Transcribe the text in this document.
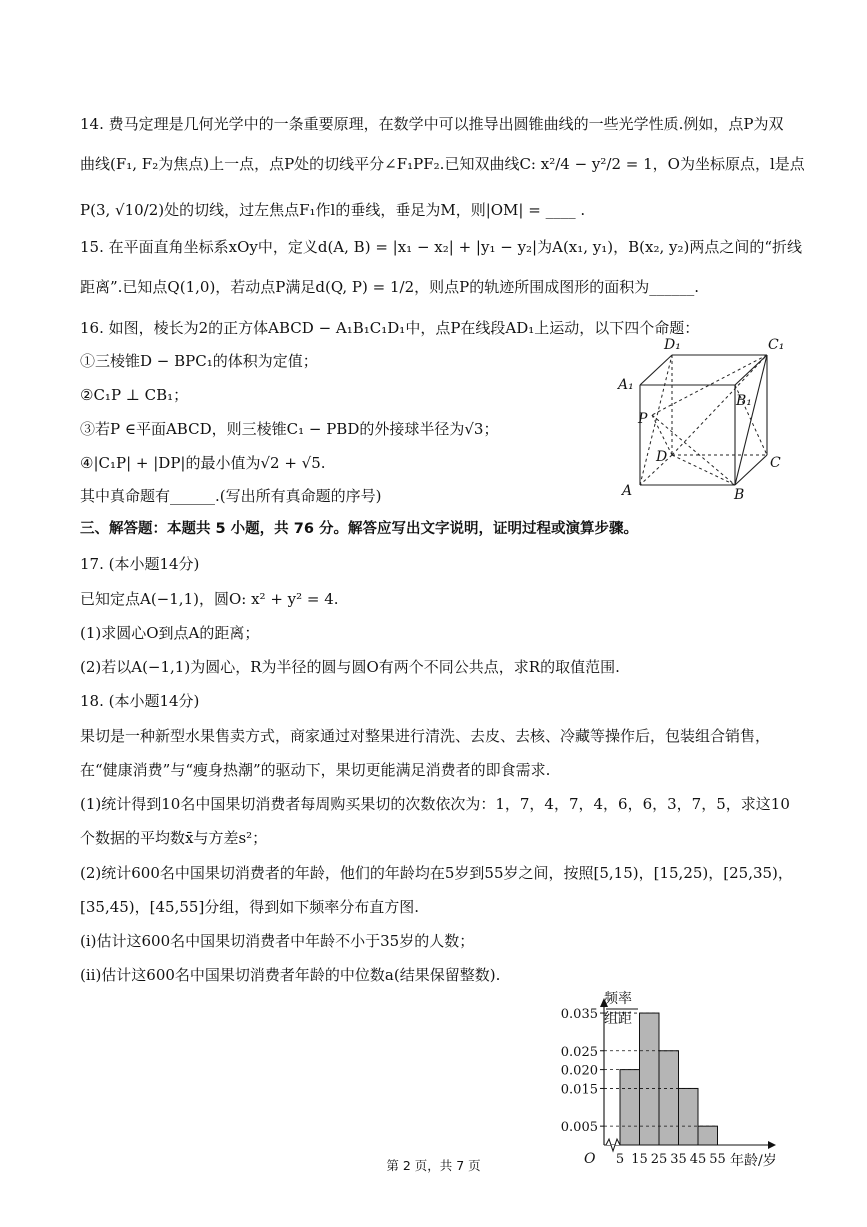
14. 费马定理是几何光学中的一条重要原理，在数学中可以推导出圆锥曲线的一些光学性质.例如，点P为双
曲线(F₁, F₂为焦点)上一点，点P处的切线平分∠F₁PF₂.已知双曲线C: x²/4 − y²/2 = 1，O为坐标原点，l是点
P(3, √10/2)处的切线，过左焦点F₁作l的垂线，垂足为M，则|OM| = ____ .
15. 在平面直角坐标系xOy中，定义d(A, B) = |x₁ − x₂| + |y₁ − y₂|为A(x₁, y₁)，B(x₂, y₂)两点之间的“折线
距离”.已知点Q(1,0)，若动点P满足d(Q, P) = 1/2，则点P的轨迹所围成图形的面积为______.
16. 如图，棱长为2的正方体ABCD − A₁B₁C₁D₁中，点P在线段AD₁上运动，以下四个命题：
①三棱锥D − BPC₁的体积为定值；
②C₁P ⊥ CB₁；
③若P ∈平面ABCD，则三棱锥C₁ − PBD的外接球半径为√3；
④|C₁P| + |DP|的最小值为√2 + √5.
其中真命题有______.(写出所有真命题的序号)
D₁	C₁
A₁
B₁
P
D	C
A	B
三、解答题：本题共 5 小题，共 76 分。解答应写出文字说明，证明过程或演算步骤。
17. (本小题14分)
已知定点A(−1,1)，圆O: x² + y² = 4.
(1)求圆心O到点A的距离；
(2)若以A(−1,1)为圆心，R为半径的圆与圆O有两个不同公共点，求R的取值范围.
18. (本小题14分)
果切是一种新型水果售卖方式，商家通过对整果进行清洗、去皮、去核、冷藏等操作后，包装组合销售，
在“健康消费”与“瘦身热潮”的驱动下，果切更能满足消费者的即食需求.
(1)统计得到10名中国果切消费者每周购买果切的次数依次为：1，7，4，7，4，6，6，3，7，5，求这10
个数据的平均数x̄与方差s²；
(2)统计600名中国果切消费者的年龄，他们的年龄均在5岁到55岁之间，按照[5,15)，[15,25)，[25,35)，
[35,45)，[45,55]分组，得到如下频率分布直方图.
(ⅰ)估计这600名中国果切消费者中年龄不小于35岁的人数；
(ⅱ)估计这600名中国果切消费者年龄的中位数a(结果保留整数).
频率
组距
O	年龄/岁
0.035
0.025
0.020
0.015
0.005
5 15 25 35 45 55
第 2 页，共 7 页
